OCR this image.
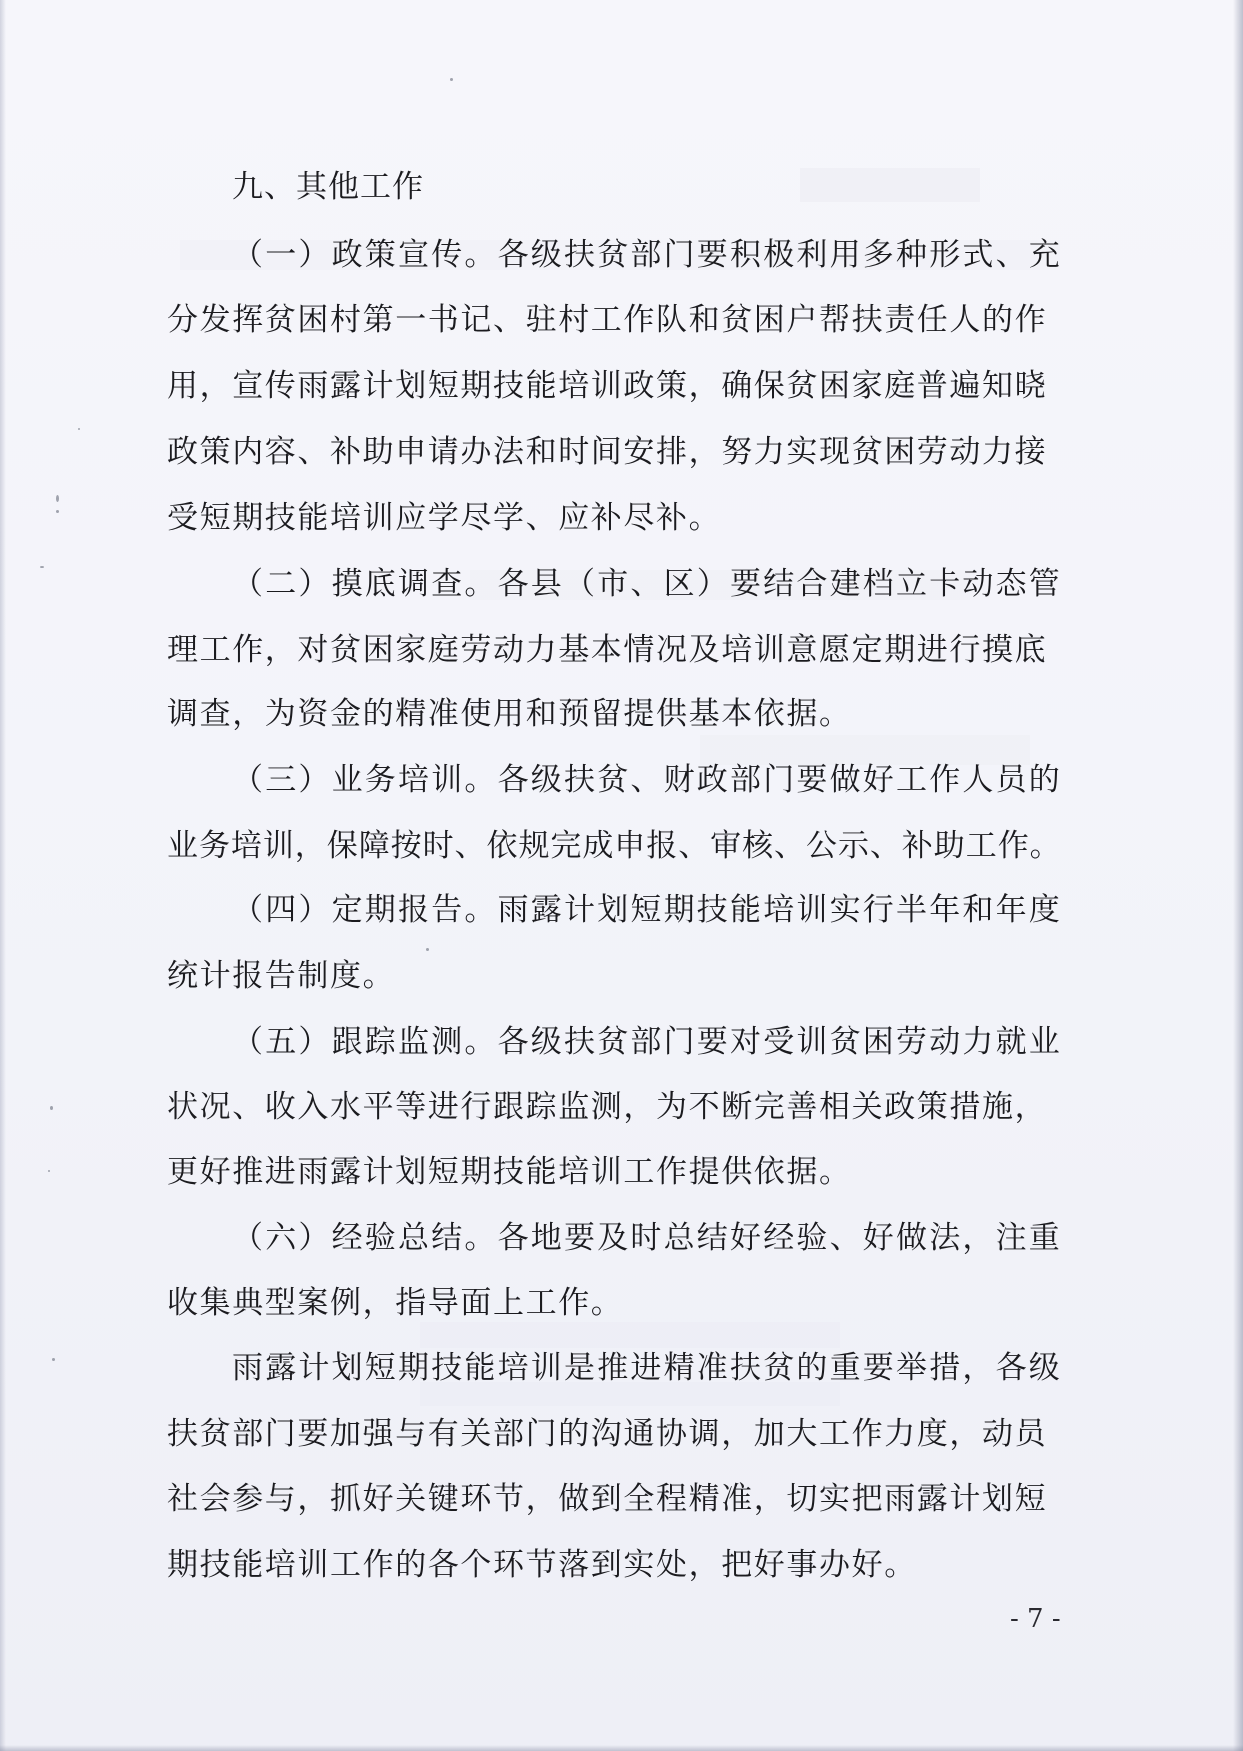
九、其他工作
（一）政策宣传。各级扶贫部门要积极利用多种形式、充
分发挥贫困村第一书记、驻村工作队和贫困户帮扶责任人的作
用，宣传雨露计划短期技能培训政策，确保贫困家庭普遍知晓
政策内容、补助申请办法和时间安排，努力实现贫困劳动力接
受短期技能培训应学尽学、应补尽补。
（二）摸底调查。各县（市、区）要结合建档立卡动态管
理工作，对贫困家庭劳动力基本情况及培训意愿定期进行摸底
调查，为资金的精准使用和预留提供基本依据。
（三）业务培训。各级扶贫、财政部门要做好工作人员的
业务培训，保障按时、依规完成申报、审核、公示、补助工作。
（四）定期报告。雨露计划短期技能培训实行半年和年度
统计报告制度。
（五）跟踪监测。各级扶贫部门要对受训贫困劳动力就业
状况、收入水平等进行跟踪监测，为不断完善相关政策措施，
更好推进雨露计划短期技能培训工作提供依据。
（六）经验总结。各地要及时总结好经验、好做法，注重
收集典型案例，指导面上工作。
雨露计划短期技能培训是推进精准扶贫的重要举措，各级
扶贫部门要加强与有关部门的沟通协调，加大工作力度，动员
社会参与，抓好关键环节，做到全程精准，切实把雨露计划短
期技能培训工作的各个环节落到实处，把好事办好。
- 7 -
